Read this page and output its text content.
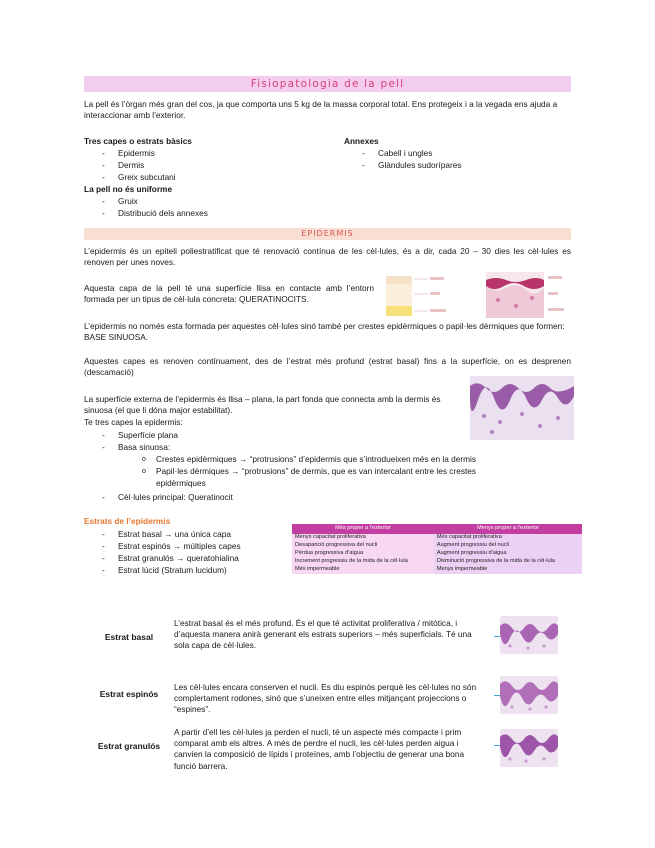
Fisiopatologia de la pell
La pell és l’òrgan més gran del cos, ja que comporta uns 5 kg de la massa corporal total. Ens protegeix i a la vegada ens ajuda a interaccionar amb l’exterior.
Tres capes o estrats bàsics
- Epidermis
- Dermis
- Greix subcutani
Annexes
- Cabell i ungles
- Glàndules sudorípares
La pell no és uniforme
- Gruix
- Distribució dels annexes
EPIDERMIS
L’epidermis és un epiteli poliestratificat que té renovació contínua de les cèl·lules, és a dir, cada 20 – 30 dies les cèl·lules es renoven per unes noves.
Aquesta capa de la pell té una superfície llisa en contacte amb l’entorn formada per un tipus de cèl·lula concreta: QUERATINOCITS.
L’epidermis no només esta formada per aquestes cèl·lules sinó també per crestes epidèrmiques o papil·les dèrmiques que formen: BASE SINUOSA.
Aquestes capes es renoven contínuament, des de l’estrat més profund (estrat basal) fins a la superfície, on es desprenen (descamació)
La superfície externa de l’epidermis és llisa – plana, la part fonda que connecta amb la dermis és sinuosa (el que li dóna major estabilitat).
Te tres capes la epidermis:
- Superfície plana
- Basa sinuosa:
o Crestes epidèrmiques → “protrusions” d’epidermis que s’introdueixen més en la dermis
o Papil·les dèrmiques → “protrusions” de dermis, que es van intercalant entre les crestes
epidèrmiques
- Cèl·lules principal: Queratinocit
Estrats de l’epidermis
- Estrat basal → una única capa
- Estrat espinós → múltiples capes
- Estrat granulós → queratohialina
- Estrat lúcid (Stratum lucidum)
Més proper a l’exterior	Menys proper a l’exterior
Menys capacitat proliferativa	Més capacitat proliferativa
Desaparició progressiva del nucli	Augment progressiu del nucli
Pèrdua progressiva d’aigua	Augment progressiu d’aigua
Increment progressiu de la mida de la cèl·lula	Disminució progressiva de la mida de la cèl·lula
Més impermeable	Menys impermeable
Estrat basal
L’estrat basal és el més profund. És el que té activitat proliferativa / mitòtica, i d’aquesta manera anirà generant els estrats superiors – més superficials. Té una sola capa de cèl·lules.
Estrat espinós
Les cèl·lules encara conserven el nucli. Es diu espinós perquè les cèl·lules no són complertament rodones, sinó que s’uneixen entre elles mitjançant projeccions o “espines”.
Estrat granulós
A partir d’ell les cèl·lules ja perden el nucli, té un aspecte més compacte i prim comparat amb els altres. A més de perdre el nucli, les cèl·lules perden aigua i canvien la composició de lípids i proteïnes, amb l’objectiu de generar una bona funció barrera.
